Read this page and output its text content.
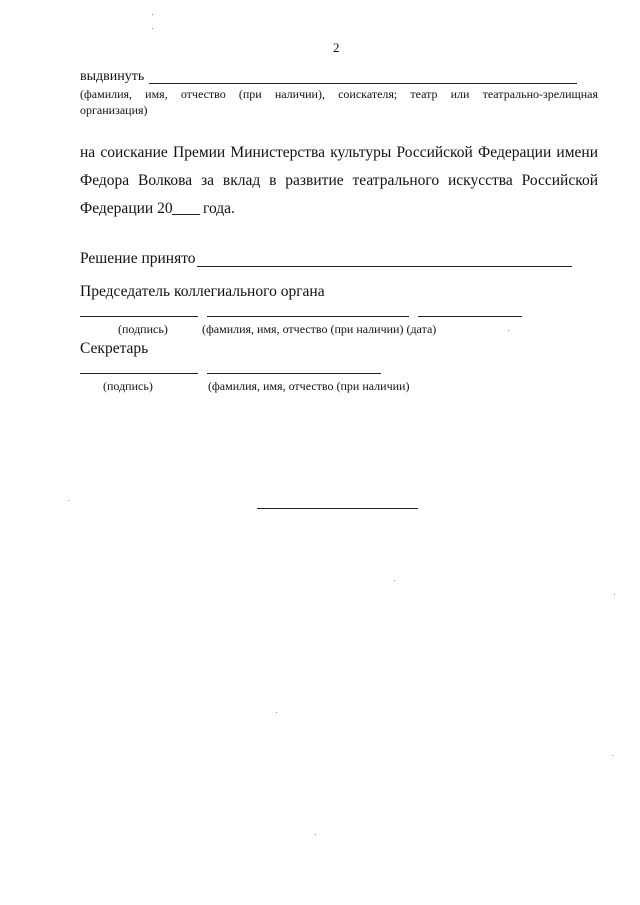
2
выдвинуть
(фамилия, имя, отчество (при наличии), соискателя; театр или театрально-зрелищная
организация)
на соискание Премии Министерства культуры Российской Федерации имени
Федора Волкова за вклад в развитие театрального искусства Российской
Федерации 20 года.
Решение принято
Председатель коллегиального органа
(подпись)	(фамилия, имя, отчество (при наличии) (дата)
Секретарь
(подпись)	(фамилия, имя, отчество (при наличии)
